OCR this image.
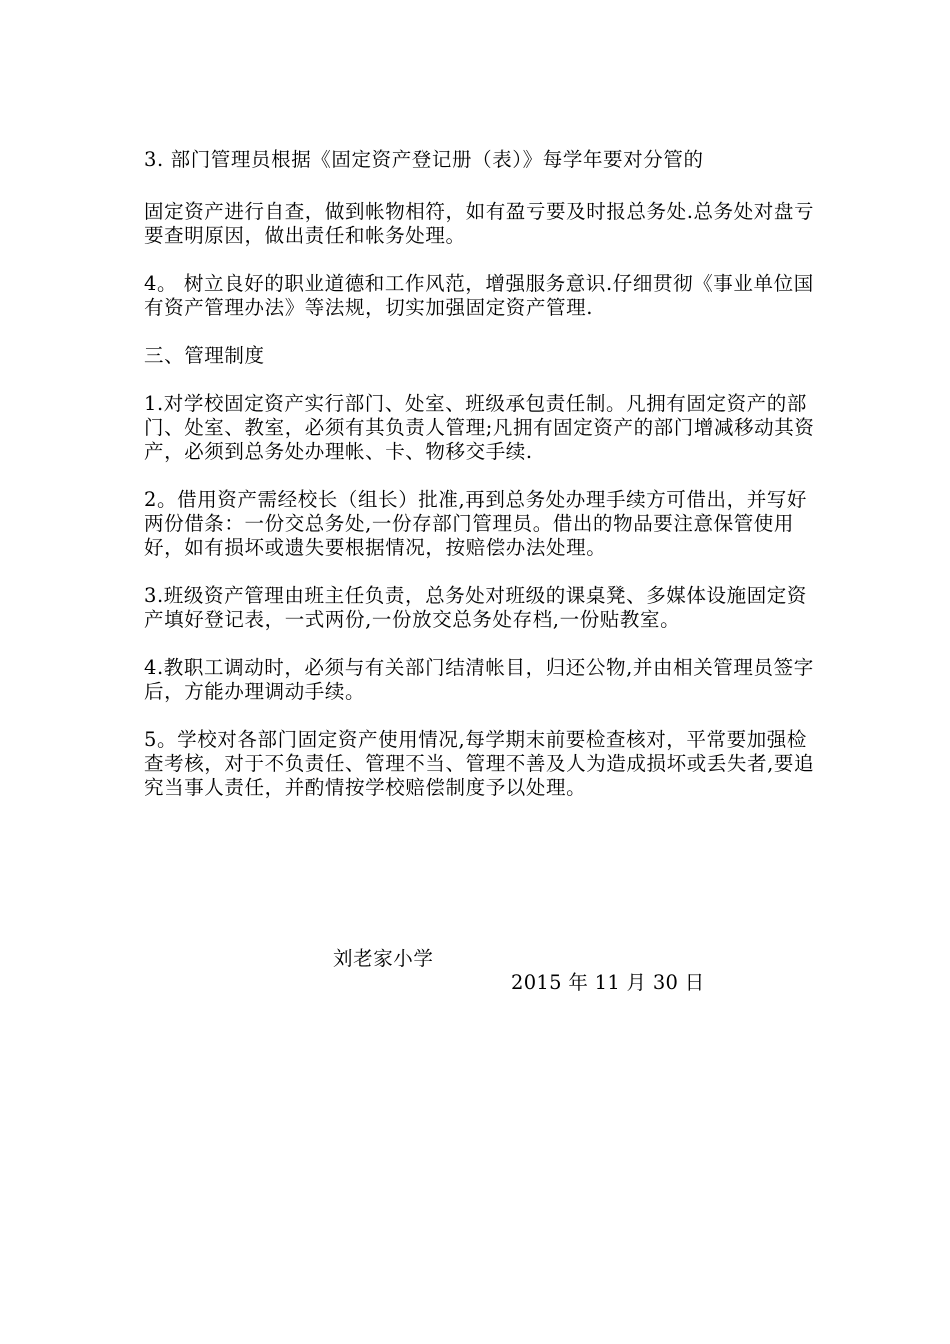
3. 部门管理员根据《固定资产登记册（表）》每学年要对分管的

固定资产进行自查，做到帐物相符，如有盈亏要及时报总务处.总务处对盘亏要查明原因，做出责任和帐务处理。

4。 树立良好的职业道德和工作风范，增强服务意识.仔细贯彻《事业单位国有资产管理办法》等法规，切实加强固定资产管理.

三、管理制度

1.对学校固定资产实行部门、处室、班级承包责任制。凡拥有固定资产的部门、处室、教室，必须有其负责人管理;凡拥有固定资产的部门增减移动其资产，必须到总务处办理帐、卡、物移交手续.

2。借用资产需经校长（组长）批准,再到总务处办理手续方可借出，并写好两份借条：一份交总务处,一份存部门管理员。借出的物品要注意保管使用好，如有损坏或遗失要根据情况，按赔偿办法处理。

3.班级资产管理由班主任负责，总务处对班级的课桌凳、多媒体设施固定资产填好登记表，一式两份,一份放交总务处存档,一份贴教室。

4.教职工调动时，必须与有关部门结清帐目，归还公物,并由相关管理员签字后，方能办理调动手续。

5。学校对各部门固定资产使用情况,每学期末前要检查核对，平常要加强检查考核，对于不负责任、管理不当、管理不善及人为造成损坏或丢失者,要追究当事人责任，并酌情按学校赔偿制度予以处理。

刘老家小学
2015 年 11 月 30 日
